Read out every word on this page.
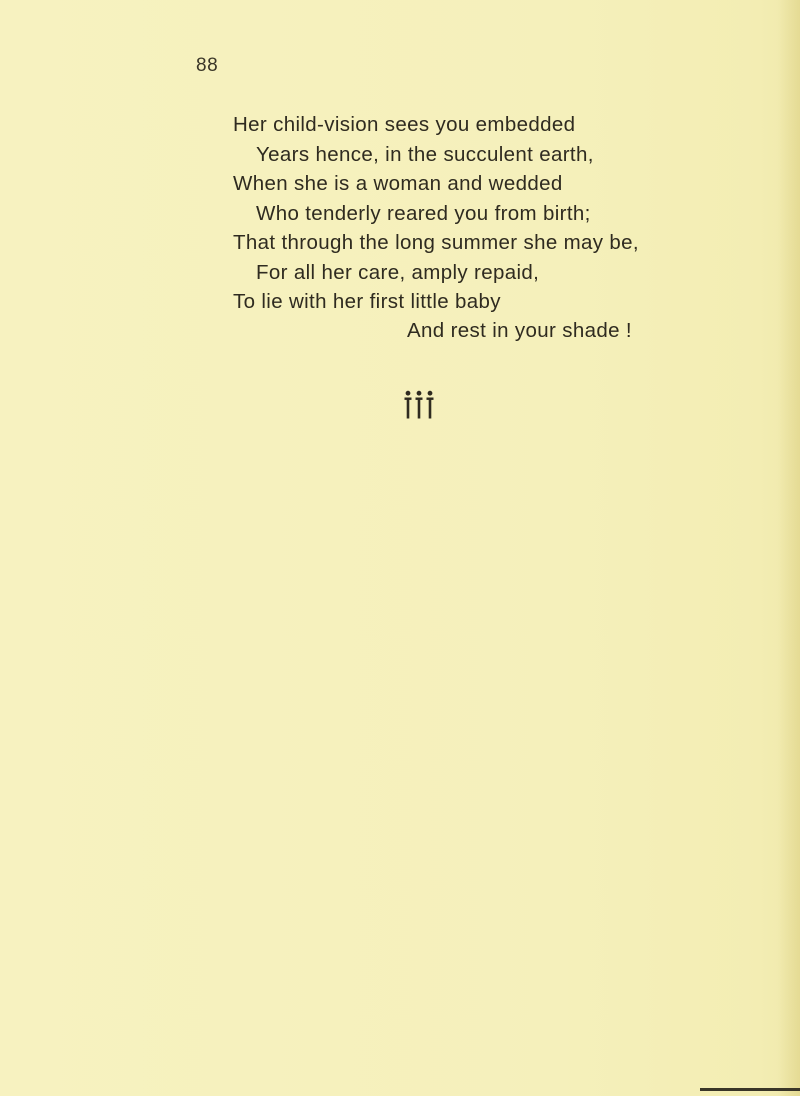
88
Her child-vision sees you embedded
Years hence, in the succulent earth,
When she is a woman and wedded
Who tenderly reared you from birth;
That through the long summer she may be,
For all her care, amply repaid,
To lie with her first little baby
And rest in your shade !
